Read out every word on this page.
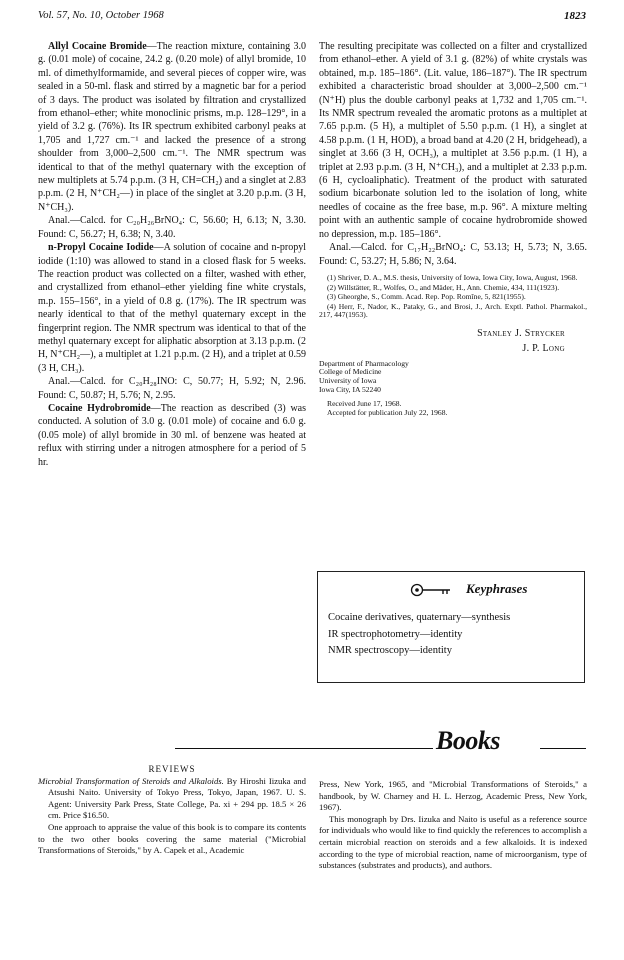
Vol. 57, No. 10, October 1968	1823

Allyl Cocaine Bromide—The reaction mixture, containing 3.0 g. (0.01 mole) of cocaine, 24.2 g. (0.20 mole) of allyl bromide, 10 ml. of dimethylformamide, and several pieces of copper wire, was sealed in a 50-ml. flask and stirred by a magnetic bar for a period of 3 days. The product was isolated by filtration and crystallized from ethanol–ether; white monoclinic prisms, m.p. 128–129°, in a yield of 3.2 g. (76%). Its IR spectrum exhibited carbonyl peaks at 1,705 and 1,727 cm.⁻¹ and lacked the presence of a strong shoulder from 3,000–2,500 cm.⁻¹. The NMR spectrum was identical to that of the methyl quaternary with the exception of new multiplets at 5.74 p.p.m. (3 H, CH=CH₂) and a singlet at 2.83 p.p.m. (2 H, N⁺CH₂—) in place of the singlet at 3.20 p.p.m. (3 H, N⁺CH₃).

Anal.—Calcd. for C₂₀H₂₆BrNO₄: C, 56.60; H, 6.13; N, 3.30. Found: C, 56.27; H, 6.38; N, 3.40.

n-Propyl Cocaine Iodide—A solution of cocaine and n-propyl iodide (1:10) was allowed to stand in a closed flask for 5 weeks. The reaction product was collected on a filter, washed with ether, and crystallized from ethanol–ether yielding fine white crystals, m.p. 155–156°, in a yield of 0.8 g. (17%). The IR spectrum was nearly identical to that of the methyl quaternary except in the fingerprint region. The NMR spectrum was identical to that of the methyl quaternary except for aliphatic absorption at 3.13 p.p.m. (2 H, N⁺CH₂—), a multiplet at 1.21 p.p.m. (2 H), and a triplet at 0.59 (3 H, CH₃).

Anal.—Calcd. for C₂₀H₂₈INO: C, 50.77; H, 5.92; N, 2.96. Found: C, 50.87; H, 5.76; N, 2.95.

Cocaine Hydrobromide—The reaction as described (3) was conducted. A solution of 3.0 g. (0.01 mole) of cocaine and 6.0 g. (0.05 mole) of allyl bromide in 30 ml. of benzene was heated at reflux with stirring under a nitrogen atmosphere for a period of 5 hr.

The resulting precipitate was collected on a filter and crystallized from ethanol–ether. A yield of 3.1 g. (82%) of white crystals was obtained, m.p. 185–186°. (Lit. value, 186–187°). The IR spectrum exhibited a characteristic broad shoulder at 3,000–2,500 cm.⁻¹ (N⁺H) plus the double carbonyl peaks at 1,732 and 1,705 cm.⁻¹. Its NMR spectrum revealed the aromatic protons as a multiplet at 7.65 p.p.m. (5 H), a multiplet of 5.50 p.p.m. (1 H), a singlet at 4.58 p.p.m. (1 H, HOD), a broad band at 4.20 (2 H, bridgehead), a singlet at 3.66 (3 H, OCH₃), a multiplet at 3.56 p.p.m. (1 H), a triplet at 2.93 p.p.m. (3 H, N⁺CH₃), and a multiplet at 2.33 p.p.m. (6 H, cycloaliphatic). Treatment of the product with saturated sodium bicarbonate solution led to the isolation of long, white needles of cocaine as the free base, m.p. 96°. A mixture melting point with an authentic sample of cocaine hydrobromide showed no depression, m.p. 185–186°.

Anal.—Calcd. for C₁₇H₂₂BrNO₄: C, 53.13; H, 5.73; N, 3.65. Found: C, 53.27; H, 5.86; N, 3.64.

(1) Shriver, D. A., M.S. thesis, University of Iowa, Iowa City, Iowa, August, 1968.

(2) Willstätter, R., Wolfes, O., and Mäder, H., Ann. Chemie, 434, 111(1923).

(3) Gheorghe, S., Comm. Acad. Rep. Pop. Romîne, 5, 821(1955).

(4) Herr, F., Nador, K., Pataky, G., and Brosi, J., Arch. Exptl. Pathol. Pharmakol., 217, 447(1953).

Stanley J. Strycker
J. P. Long
Department of Pharmacology
College of Medicine
University of Iowa
Iowa City, IA 52240
Received June 17, 1968.
Accepted for publication July 22, 1968.
Keyphrases
Cocaine derivatives, quaternary—synthesis
IR spectrophotometry—identity
NMR spectroscopy—identity
Books

REVIEWS

Microbial Transformation of Steroids and Alkaloids. By Hiroshi Iizuka and Atsushi Naito. University of Tokyo Press, Tokyo, Japan, 1967. U. S. Agent: University Park Press, State College, Pa. xi + 294 pp. 18.5 × 26 cm. Price $16.50.

One approach to appraise the value of this book is to compare its contents to the two other books covering the same material ("Microbial Transformations of Steroids," by A. Capek et al., Academic

Press, New York, 1965, and "Microbial Transformations of Steroids," a handbook, by W. Charney and H. L. Herzog, Academic Press, New York, 1967).

This monograph by Drs. Iizuka and Naito is useful as a reference source for individuals who would like to find quickly the references to accomplish a certain microbial reaction on steroids and a few alkaloids. It is indexed according to the type of microbial reaction, name of microorganism, type of substances (substrates and products), and authors.
